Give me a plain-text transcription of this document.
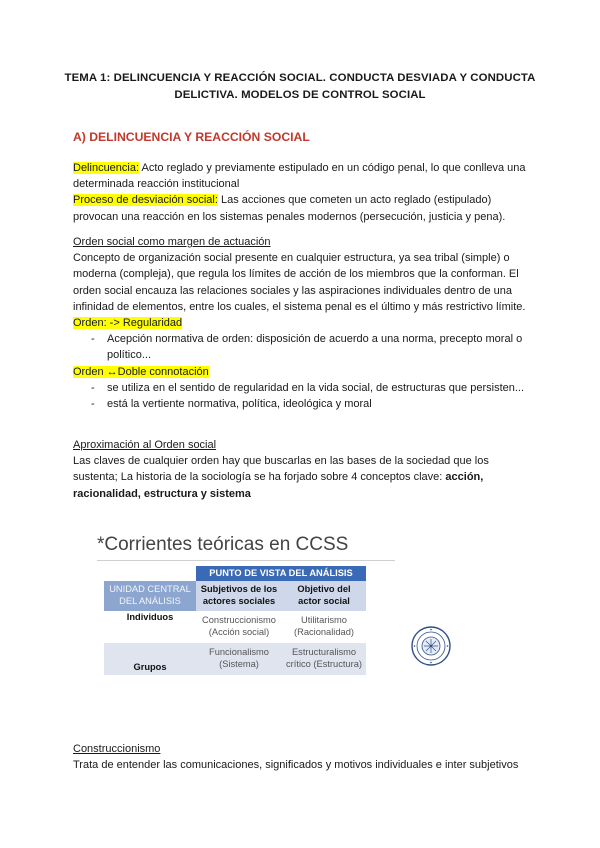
TEMA 1: DELINCUENCIA Y REACCIÓN SOCIAL. CONDUCTA DESVIADA Y CONDUCTA
DELICTIVA. MODELOS DE CONTROL SOCIAL
A) DELINCUENCIA Y REACCIÓN SOCIAL
Delincuencia: Acto reglado y previamente estipulado en un código penal, lo que conlleva una determinada reacción institucional
Proceso de desviación social: Las acciones que cometen un acto reglado (estipulado) provocan una reacción en los sistemas penales modernos (persecución, justicia y pena).
Orden social como margen de actuación
Concepto de organización social presente en cualquier estructura, ya sea tribal (simple) o moderna (compleja), que regula los límites de acción de los miembros que la conforman. El orden social encauza las relaciones sociales y las aspiraciones individuales dentro de una infinidad de elementos, entre los cuales, el sistema penal es el último y más restrictivo límite.
Orden: -> Regularidad
- Acepción normativa de orden: disposición de acuerdo a una norma, precepto moral o político...
Orden ↔Doble connotación
- se utiliza en el sentido de regularidad en la vida social, de estructuras que persisten...
- está la vertiente normativa, política, ideológica y moral
Aproximación al Orden social
Las claves de cualquier orden hay que buscarlas en las bases de la sociedad que los sustenta; La historia de la sociología se ha forjado sobre 4 conceptos clave: acción, racionalidad, estructura y sistema
*Corrientes teóricas en CCSS
	PUNTO DE VISTA DEL ANÁLISIS	
UNIDAD CENTRAL DEL ANÁLISIS	Subjetivos de los actores sociales	Objetivo del actor social
Individuos	Construccionismo (Acción social)	Utilitarismo (Racionalidad)
Grupos	Funcionalismo (Sistema)	Estructuralismo crítico (Estructura)
Construccionismo
Trata de entender las comunicaciones, significados y motivos individuales e inter subjetivos
